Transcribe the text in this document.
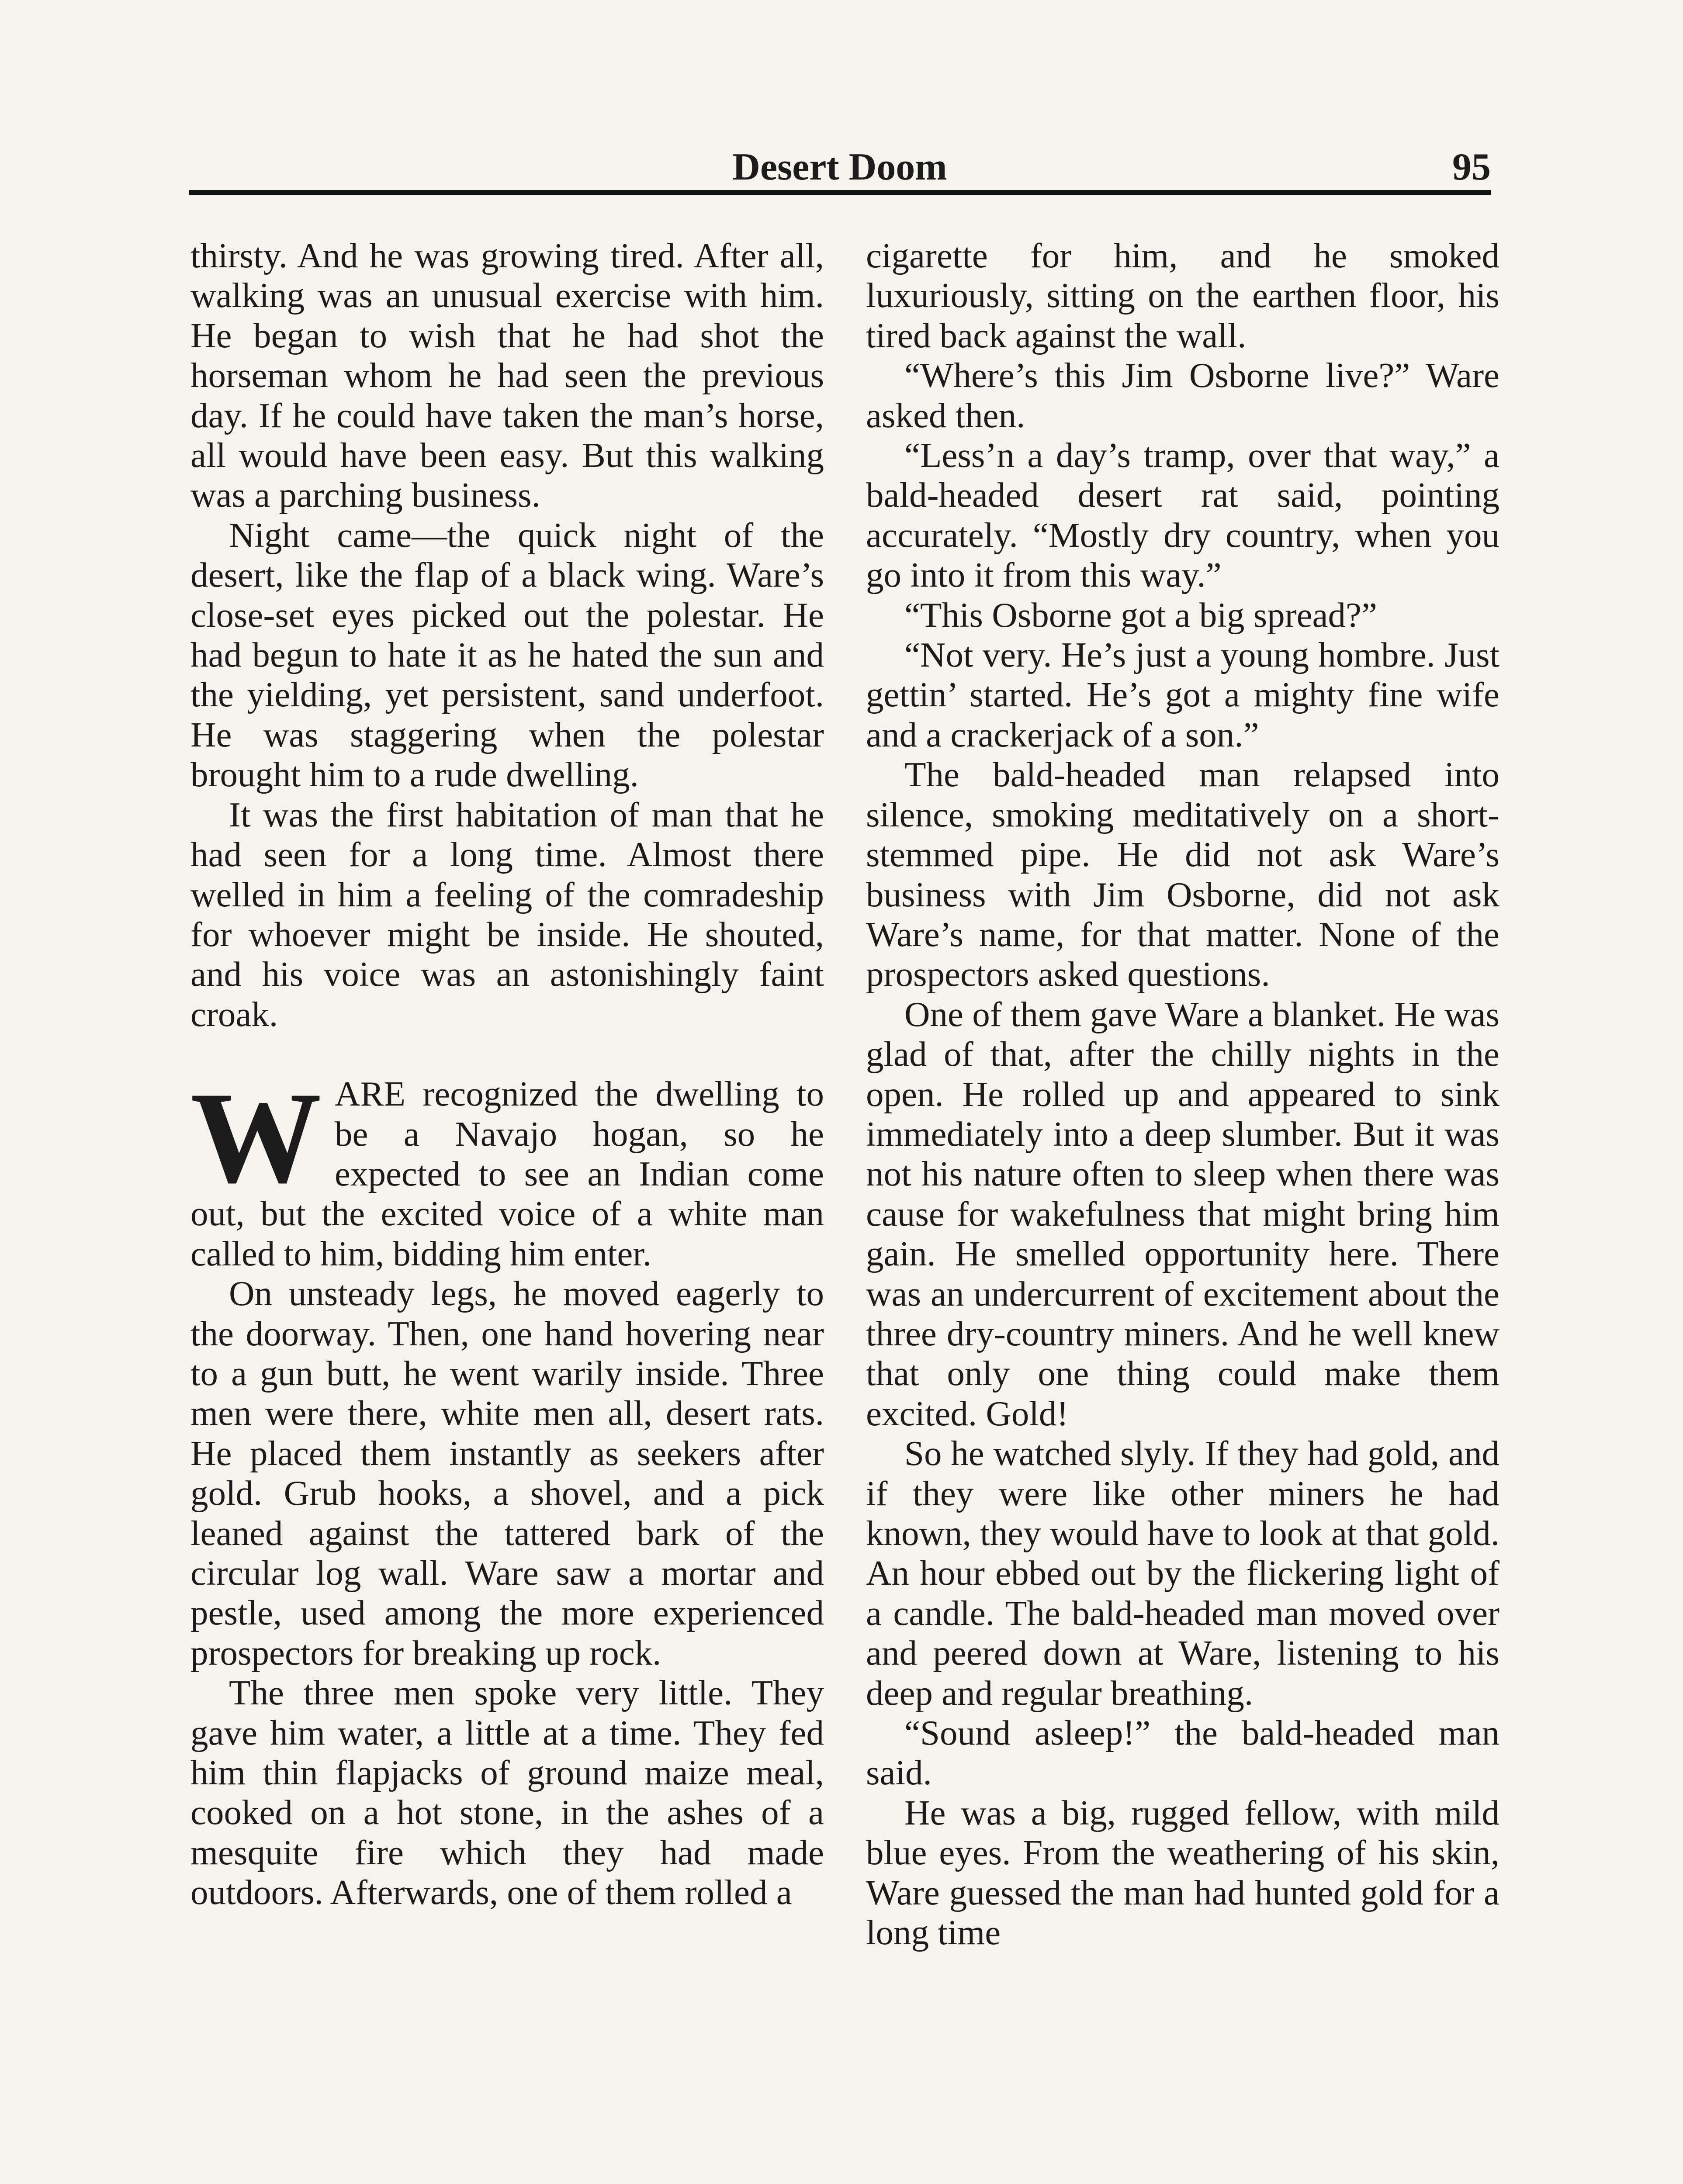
Desert Doom	95

thirsty. And he was growing tired. After all, walking was an unusual exercise with him. He began to wish that he had shot the horseman whom he had seen the previous day. If he could have taken the man’s horse, all would have been easy. But this walking was a parching business.

Night came—the quick night of the desert, like the flap of a black wing. Ware’s close-set eyes picked out the polestar. He had begun to hate it as he hated the sun and the yielding, yet persistent, sand underfoot. He was staggering when the polestar brought him to a rude dwelling.

It was the first habitation of man that he had seen for a long time. Almost there welled in him a feeling of the comradeship for whoever might be inside. He shouted, and his voice was an astonishingly faint croak.

WARE recognized the dwelling to be a Navajo hogan, so he expected to see an Indian come out, but the excited voice of a white man called to him, bidding him enter.

On unsteady legs, he moved eagerly to the doorway. Then, one hand hovering near to a gun butt, he went warily inside. Three men were there, white men all, desert rats. He placed them instantly as seekers after gold. Grub hooks, a shovel, and a pick leaned against the tattered bark of the circular log wall. Ware saw a mortar and pestle, used among the more experienced prospectors for breaking up rock.

The three men spoke very little. They gave him water, a little at a time. They fed him thin flapjacks of ground maize meal, cooked on a hot stone, in the ashes of a mesquite fire which they had made outdoors. Afterwards, one of them rolled a

cigarette for him, and he smoked luxuriously, sitting on the earthen floor, his tired back against the wall.

“Where’s this Jim Osborne live?” Ware asked then.

“Less’n a day’s tramp, over that way,” a bald-headed desert rat said, pointing accurately. “Mostly dry country, when you go into it from this way.”

“This Osborne got a big spread?”

“Not very. He’s just a young hombre. Just gettin’ started. He’s got a mighty fine wife and a crackerjack of a son.”

The bald-headed man relapsed into silence, smoking meditatively on a short-stemmed pipe. He did not ask Ware’s business with Jim Osborne, did not ask Ware’s name, for that matter. None of the prospectors asked questions.

One of them gave Ware a blanket. He was glad of that, after the chilly nights in the open. He rolled up and appeared to sink immediately into a deep slumber. But it was not his nature often to sleep when there was cause for wakefulness that might bring him gain. He smelled opportunity here. There was an undercurrent of excitement about the three dry-country miners. And he well knew that only one thing could make them excited. Gold!

So he watched slyly. If they had gold, and if they were like other miners he had known, they would have to look at that gold. An hour ebbed out by the flickering light of a candle. The bald-headed man moved over and peered down at Ware, listening to his deep and regular breathing.

“Sound asleep!” the bald-headed man said.

He was a big, rugged fellow, with mild blue eyes. From the weathering of his skin, Ware guessed the man had hunted gold for a long time
